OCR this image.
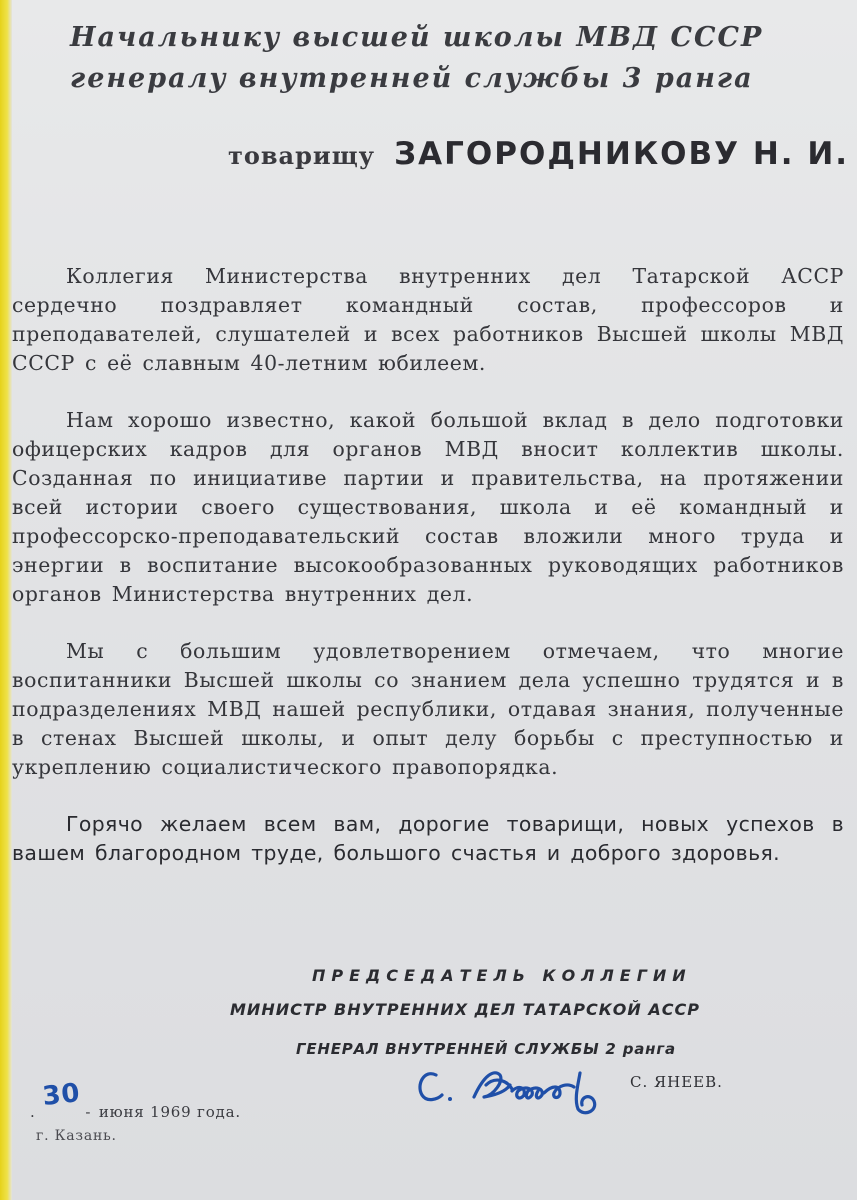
Начальнику высшей школы МВД СССР
генералу внутренней службы 3 ранга
товарищу ЗАГОРОДНИКОВУ Н. И.

Коллегия Министерства внутренних дел Татарской АССР сердечно поздравляет командный состав, профессоров и преподавателей, слушателей и всех работников Высшей школы МВД СССР с её славным 40-летним юбилеем.

Нам хорошо известно, какой большой вклад в дело подготовки офицерских кадров для органов МВД вносит коллектив школы. Созданная по инициативе партии и правительства, на протяжении всей истории своего существования, школа и её командный и профессорско-преподавательский состав вложили много труда и энергии в воспитание высокообразованных руководящих работников органов Министерства внутренних дел.

Мы с большим удовлетворением отмечаем, что многие воспитанники Высшей школы со знанием дела успешно трудятся и в подразделениях МВД нашей республики, отдавая знания, полученные в стенах Высшей школы, и опыт делу борьбы с преступностью и укреплению социалистического правопорядка.

Горячо желаем всем вам, дорогие товарищи, новых успехов в вашем благородном труде, большого счастья и доброго здоровья.

ПРЕДСЕДАТЕЛЬ КОЛЛЕГИИ
МИНИСТР ВНУТРЕННИХ ДЕЛ ТАТАРСКОЙ АССР
ГЕНЕРАЛ ВНУТРЕННЕЙ СЛУЖБЫ 2 ранга
С. ЯНЕЕВ.
.30- июня 1969 года.
г. Казань.
